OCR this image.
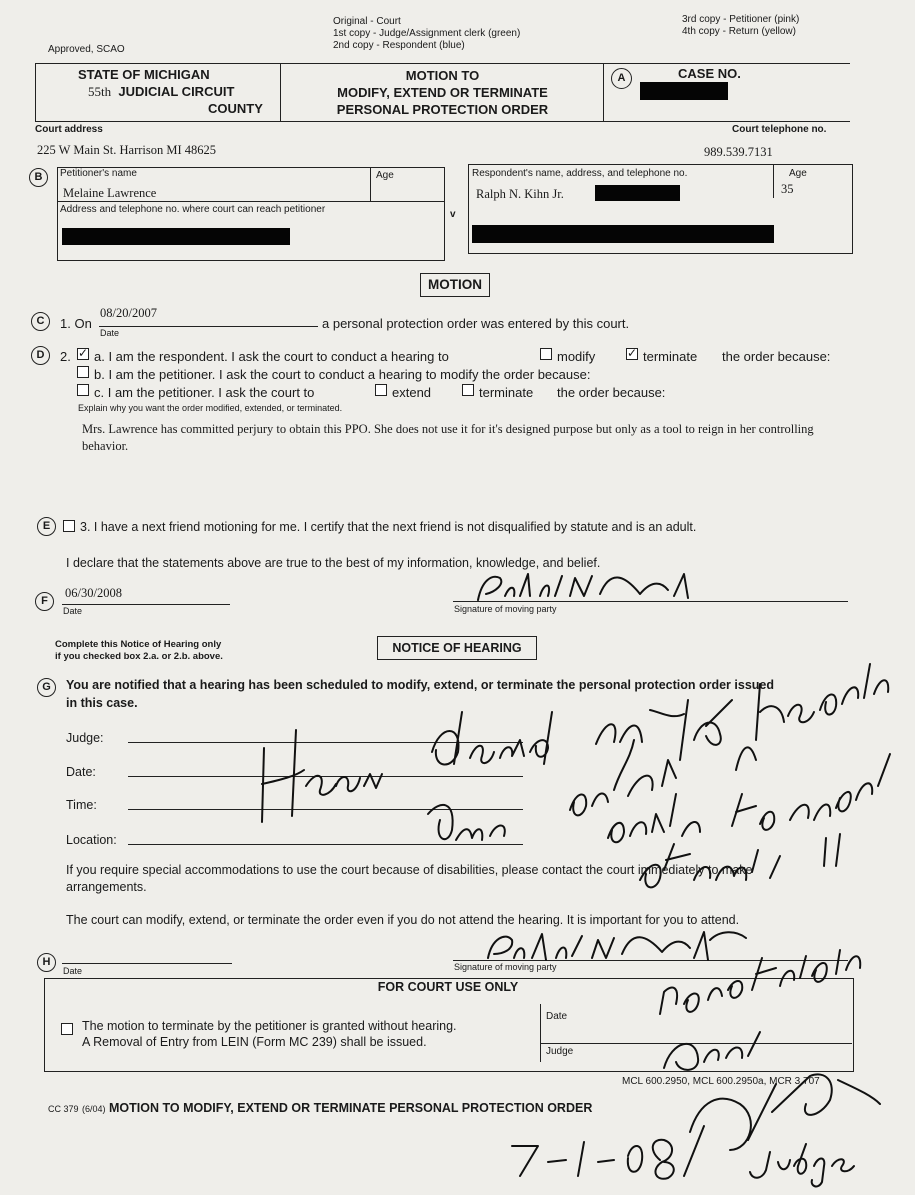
Approved, SCAO
Original - Court
1st copy - Judge/Assignment clerk (green)
2nd copy - Respondent (blue)
3rd copy - Petitioner (pink)
4th copy - Return (yellow)
STATE OF MICHIGAN
55th JUDICIAL CIRCUIT
COUNTY
MOTION TO
MODIFY, EXTEND OR TERMINATE
PERSONAL PROTECTION ORDER
A	CASE NO.
Court address
225 W Main St. Harrison MI 48625
Court telephone no.
989.539.7131
B	Petitioner's name
Melaine Lawrence
Age
Address and telephone no. where court can reach petitioner	v
Respondent's name, address, and telephone no.
Ralph N. Kihn Jr.
Age
35
MOTION
C	1. On
08/20/2007
Date
a personal protection order was entered by this court.
D	2. ✓ a. I am the respondent. I ask the court to conduct a hearing to	modify	✓ terminate the order because:
b. I am the petitioner. I ask the court to conduct a hearing to modify the order because:
c. I am the petitioner. I ask the court to	extend	terminate the order because:
Explain why you want the order modified, extended, or terminated.
Mrs. Lawrence has committed perjury to obtain this PPO. She does not use it for it's designed purpose but only as a tool to reign in her controlling behavior.
E	3. I have a next friend motioning for me. I certify that the next friend is not disqualified by statute and is an adult.
I declare that the statements above are true to the best of my information, knowledge, and belief.
F
06/30/2008
Date	Signature of moving party
Complete this Notice of Hearing only
if you checked box 2.a. or 2.b. above.
NOTICE OF HEARING
G	You are notified that a hearing has been scheduled to modify, extend, or terminate the personal protection order issued
in this case.
Judge:
Date:
Time:
Location:
If you require special accommodations to use the court because of disabilities, please contact the court immediately to make
arrangements.
The court can modify, extend, or terminate the order even if you do not attend the hearing. It is important for you to attend.
H
Date	Signature of moving party
FOR COURT USE ONLY
The motion to terminate by the petitioner is granted without hearing.
A Removal of Entry from LEIN (Form MC 239) shall be issued.
Date
Judge
MCL 600.2950, MCL 600.2950a, MCR 3.707
CC 379 (6/04) MOTION TO MODIFY, EXTEND OR TERMINATE PERSONAL PROTECTION ORDER
